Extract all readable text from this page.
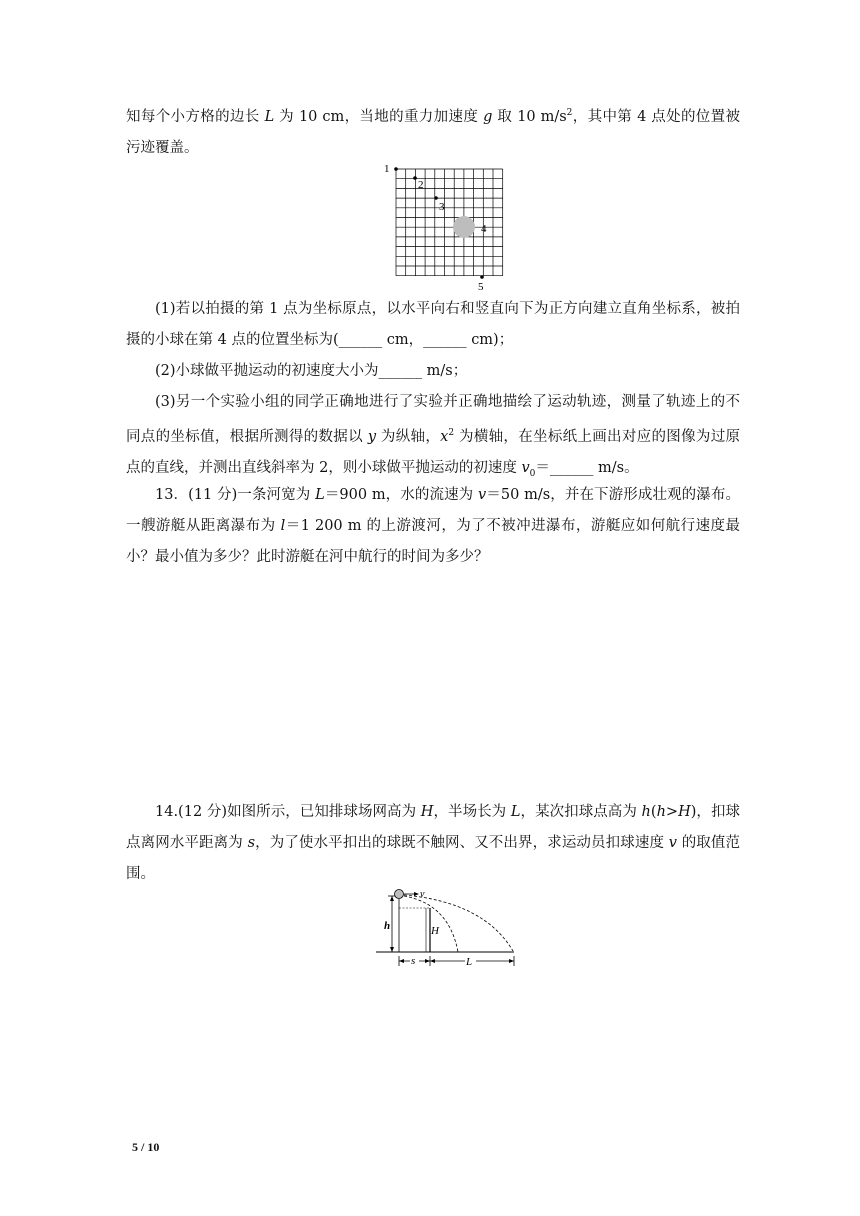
知每个小方格的边长 L 为 10 cm，当地的重力加速度 g 取 10 $m/s^2$，其中第 4 点处的位置被污迹覆盖。

1
2
3
4
5

(1)若以拍摄的第 1 点为坐标原点，以水平向右和竖直向下为正方向建立直角坐标系，被拍摄的小球在第 4 点的位置坐标为(______ cm，______ cm)；

(2)小球做平抛运动的初速度大小为______ m/s；

(3)另一个实验小组的同学正确地进行了实验并正确地描绘了运动轨迹，测量了轨迹上的不同点的坐标值，根据所测得的数据以 y 为纵轴，$x^2$ 为横轴，在坐标纸上画出对应的图像为过原点的直线，并测出直线斜率为 2，则小球做平抛运动的初速度 $v_0=\_\_\_\_\_\_$ m/s。

13．(11 分)一条河宽为 L＝900 m，水的流速为 v＝50 m/s，并在下游形成壮观的瀑布。一艘游艇从距离瀑布为 l＝1 200 m 的上游渡河，为了不被冲进瀑布，游艇应如何航行速度最小？最小值为多少？此时游艇在河中航行的时间为多少？

14.(12 分)如图所示，已知排球场网高为 H，半场长为 L，某次扣球点高为 h(h>H)，扣球点离网水平距离为 s，为了使水平扣出的球既不触网、又不出界，求运动员扣球速度 v 的取值范围。

h
v
H
s	L
5 / 10
